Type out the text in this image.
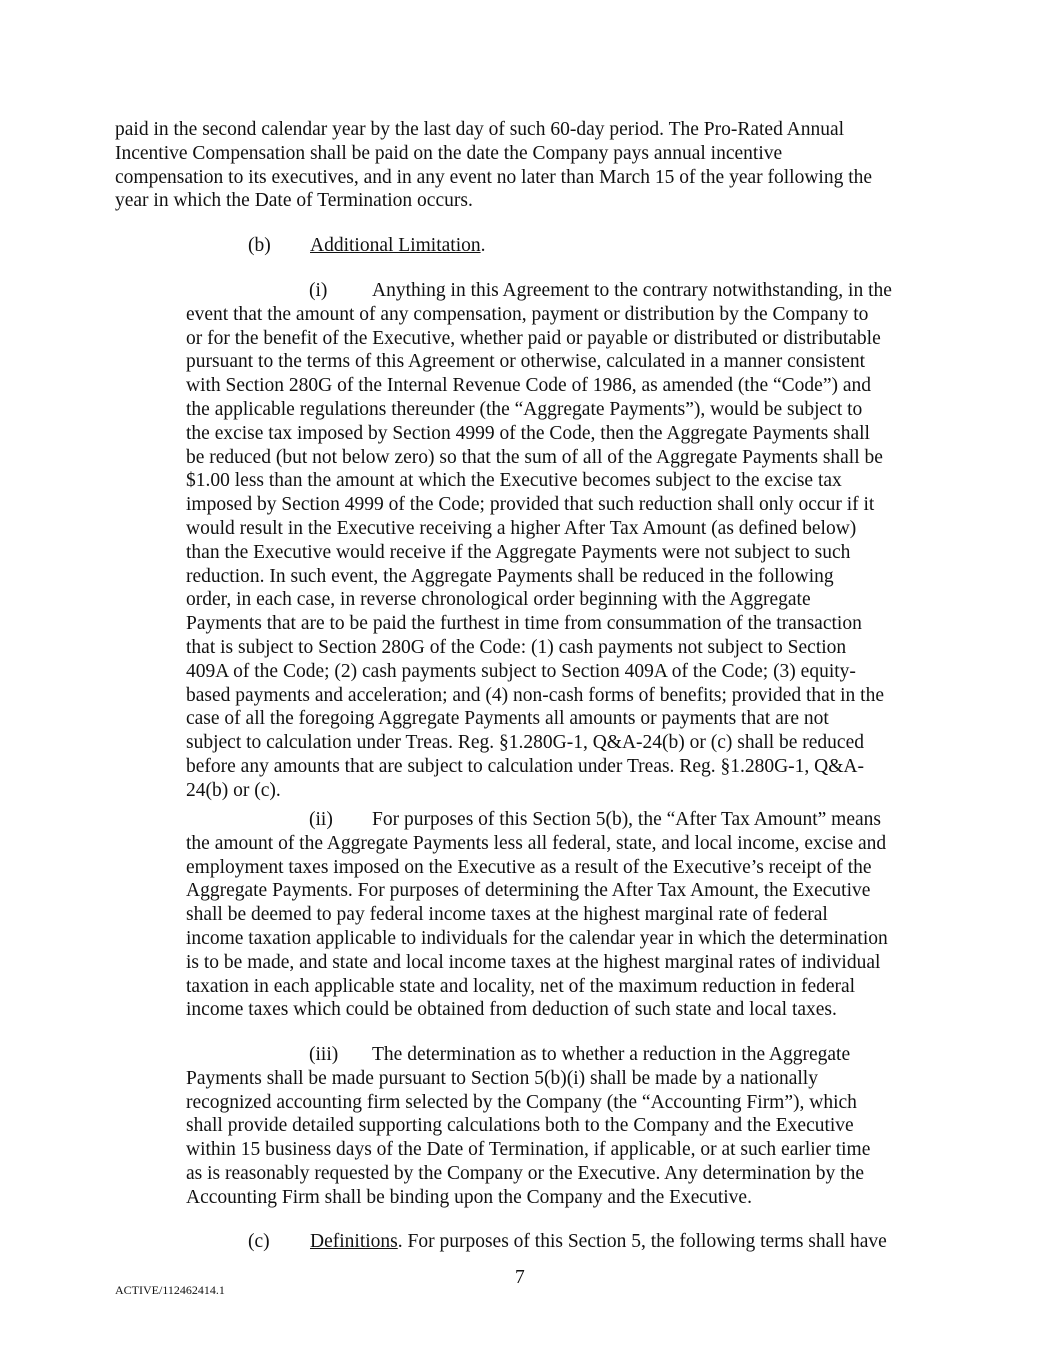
paid in the second calendar year by the last day of such 60-day period. The Pro-Rated Annual
Incentive Compensation shall be paid on the date the Company pays annual incentive
compensation to its executives, and in any event no later than March 15 of the year following the
year in which the Date of Termination occurs.
(b) Additional Limitation.
(i) Anything in this Agreement to the contrary notwithstanding, in the
event that the amount of any compensation, payment or distribution by the Company to
or for the benefit of the Executive, whether paid or payable or distributed or distributable
pursuant to the terms of this Agreement or otherwise, calculated in a manner consistent
with Section 280G of the Internal Revenue Code of 1986, as amended (the “Code”) and
the applicable regulations thereunder (the “Aggregate Payments”), would be subject to
the excise tax imposed by Section 4999 of the Code, then the Aggregate Payments shall
be reduced (but not below zero) so that the sum of all of the Aggregate Payments shall be
$1.00 less than the amount at which the Executive becomes subject to the excise tax
imposed by Section 4999 of the Code; provided that such reduction shall only occur if it
would result in the Executive receiving a higher After Tax Amount (as defined below)
than the Executive would receive if the Aggregate Payments were not subject to such
reduction. In such event, the Aggregate Payments shall be reduced in the following
order, in each case, in reverse chronological order beginning with the Aggregate
Payments that are to be paid the furthest in time from consummation of the transaction
that is subject to Section 280G of the Code: (1) cash payments not subject to Section
409A of the Code; (2) cash payments subject to Section 409A of the Code; (3) equity-
based payments and acceleration; and (4) non-cash forms of benefits; provided that in the
case of all the foregoing Aggregate Payments all amounts or payments that are not
subject to calculation under Treas. Reg. §1.280G-1, Q&A-24(b) or (c) shall be reduced
before any amounts that are subject to calculation under Treas. Reg. §1.280G-1, Q&A-
24(b) or (c).
(ii) For purposes of this Section 5(b), the “After Tax Amount” means
the amount of the Aggregate Payments less all federal, state, and local income, excise and
employment taxes imposed on the Executive as a result of the Executive’s receipt of the
Aggregate Payments. For purposes of determining the After Tax Amount, the Executive
shall be deemed to pay federal income taxes at the highest marginal rate of federal
income taxation applicable to individuals for the calendar year in which the determination
is to be made, and state and local income taxes at the highest marginal rates of individual
taxation in each applicable state and locality, net of the maximum reduction in federal
income taxes which could be obtained from deduction of such state and local taxes.
(iii) The determination as to whether a reduction in the Aggregate
Payments shall be made pursuant to Section 5(b)(i) shall be made by a nationally
recognized accounting firm selected by the Company (the “Accounting Firm”), which
shall provide detailed supporting calculations both to the Company and the Executive
within 15 business days of the Date of Termination, if applicable, or at such earlier time
as is reasonably requested by the Company or the Executive. Any determination by the
Accounting Firm shall be binding upon the Company and the Executive.
(c) Definitions. For purposes of this Section 5, the following terms shall have
7
ACTIVE/112462414.1
